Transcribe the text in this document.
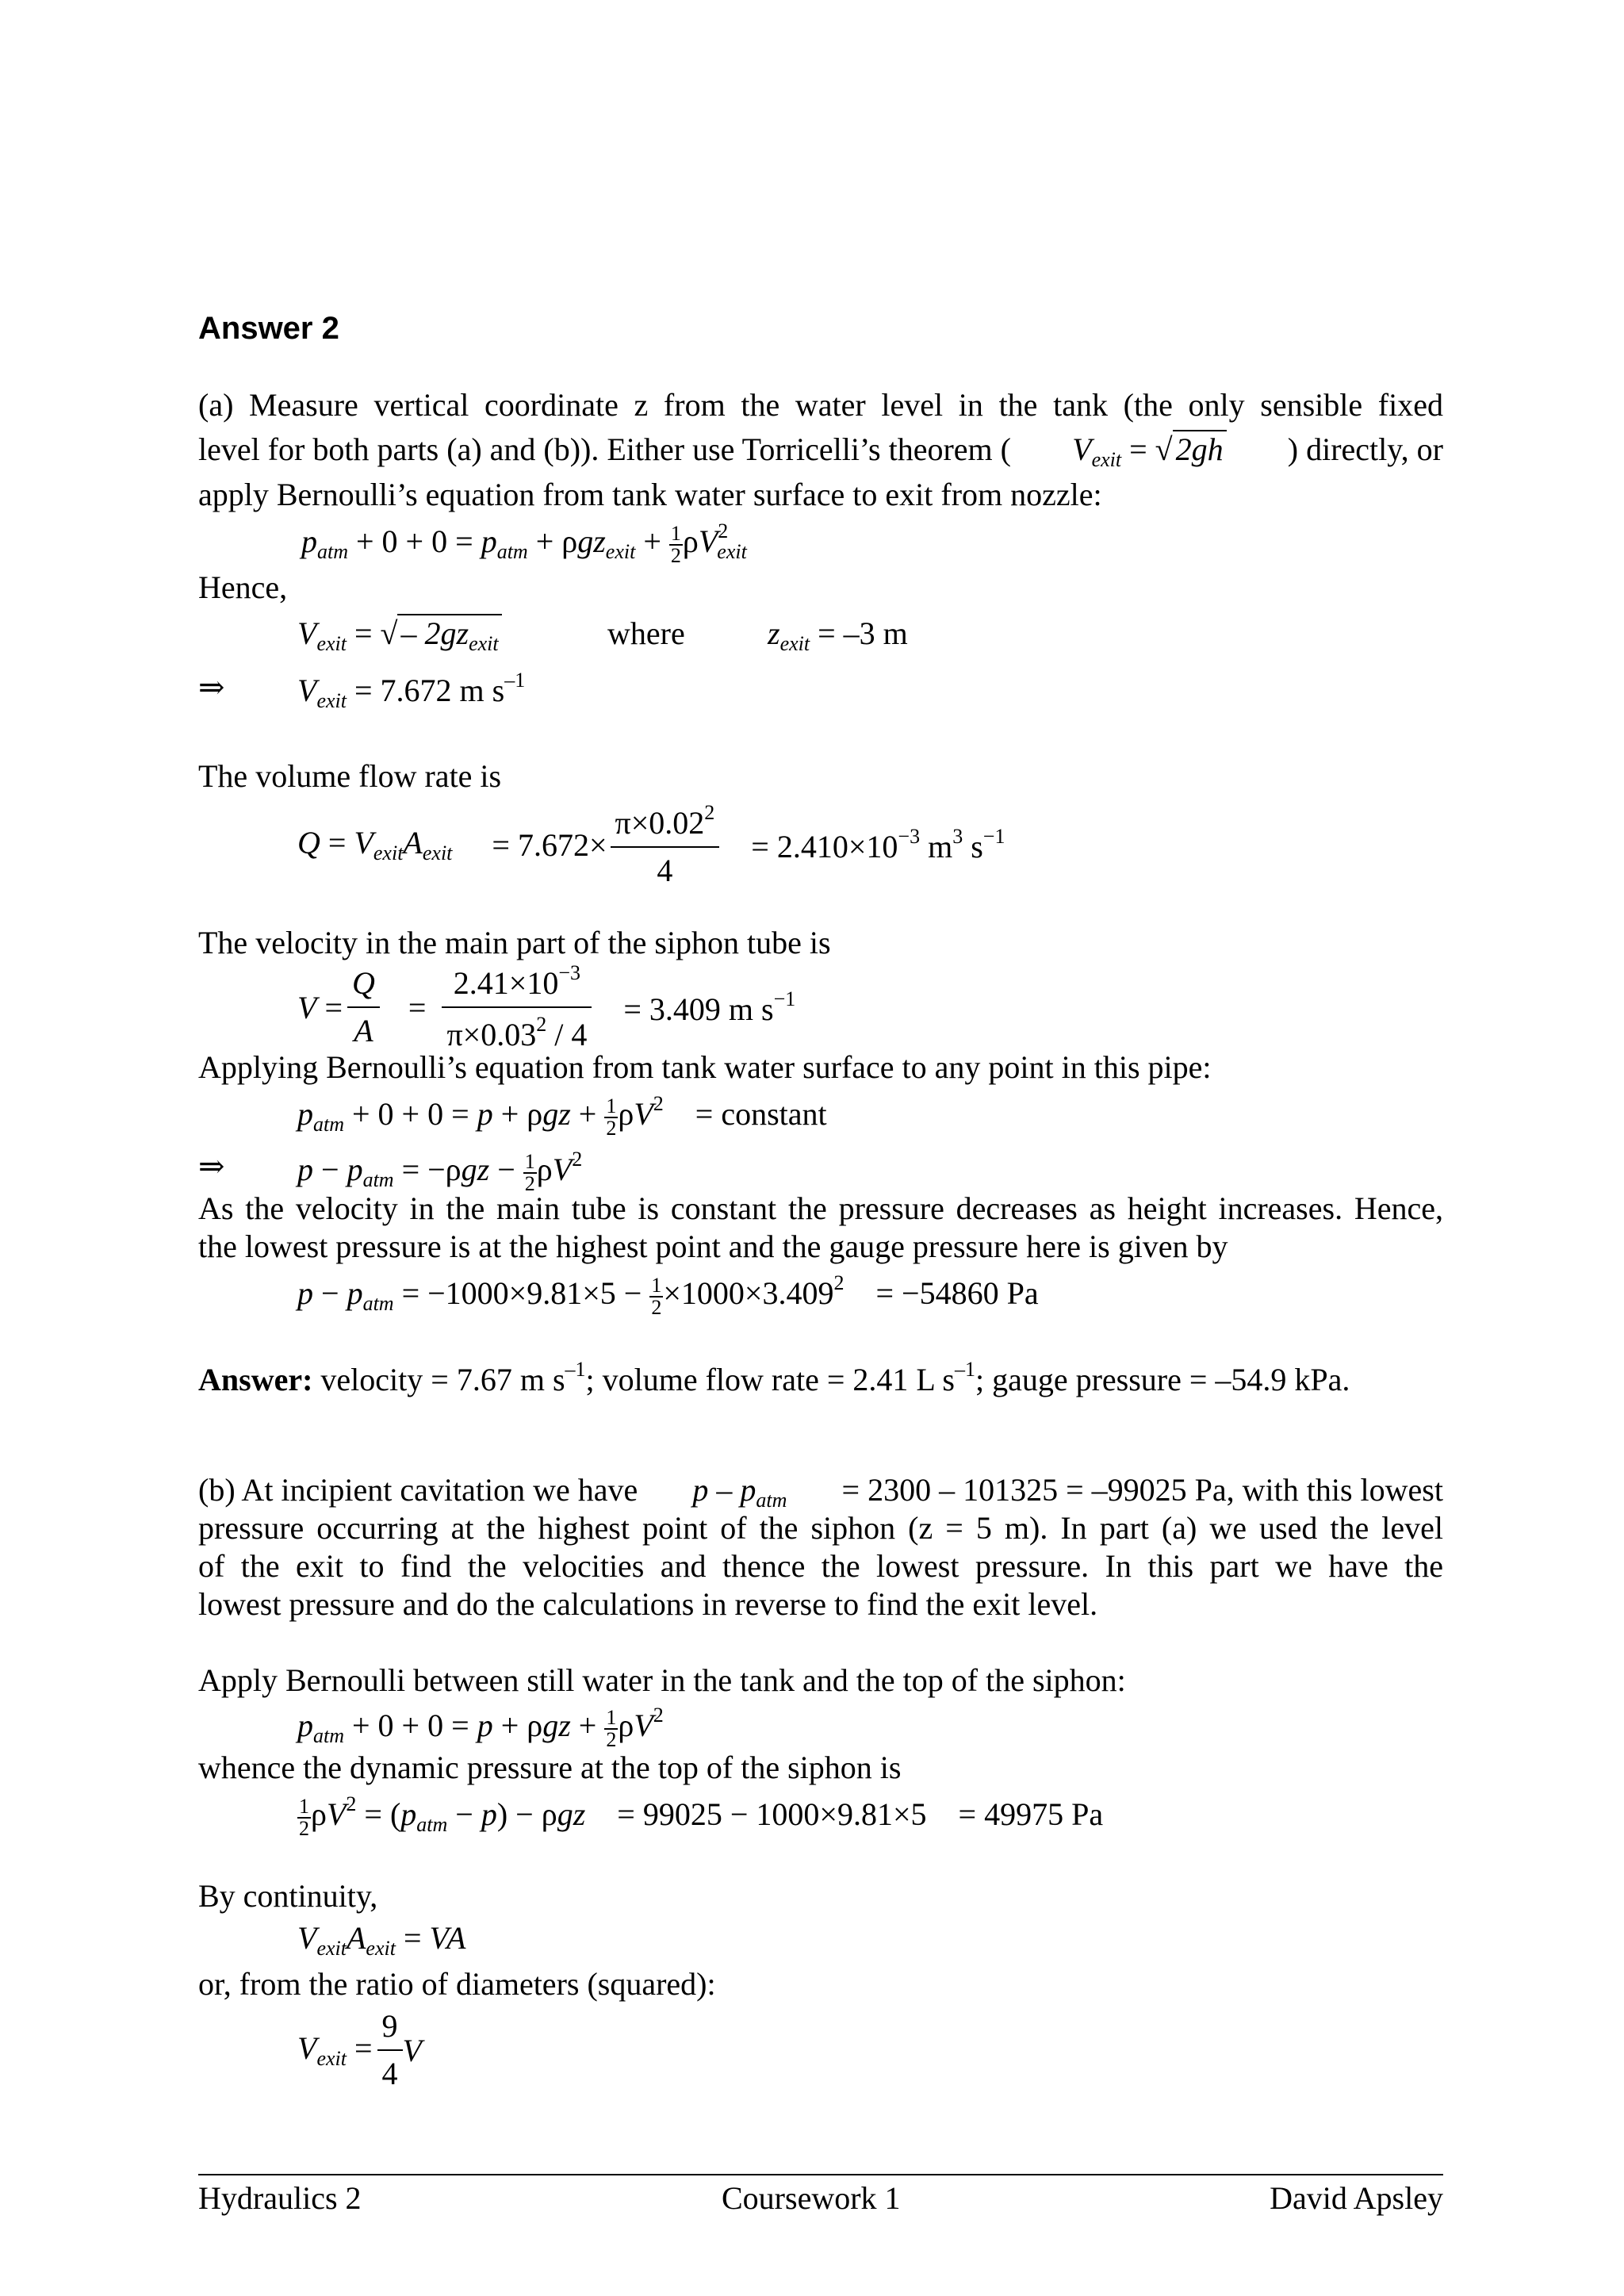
Answer 2
(a) Measure vertical coordinate z from the water level in the tank (the only sensible fixed
level for both parts (a) and (b)). Either use Torricelli’s theorem ( $V_{exit}$ = √ 2gh ) directly, or
apply Bernoulli’s equation from tank water surface to exit from nozzle:
$p_{atm} + 0 + 0 = p_{atm} + \rho gz_{exit} + \frac{1}{2} \rho V^2_{exit}$
Hence,
$V_{exit}$ = √ – $2gz_{exit}$	where	$z_{exit} = -3$ m
⇒ $V_{exit} = 7.672$ m $s^{-1}$
The volume flow rate is
$Q = V_{exit}A_{exit} = 7.672\times \frac{\pi\times 0.02^2}{4} = 2.410\times 10^{-3}$ $m^3$ $s^{-1}$
The velocity in the main part of the siphon tube is
$V = \frac{Q}{A} = \frac{2.41\times 10^{-3}}{\pi\times 0.03^2 / 4} = 3.409$ m $s^{-1}$
Applying Bernoulli’s equation from tank water surface to any point in this pipe:
$p_{atm} + 0 + 0 = p + \rho gz + \frac{1}{2} \rho V^2$ = constant
⇒ $p - p_{atm} = -\rho gz - \frac{1}{2} \rho V^2$
As the velocity in the main tube is constant the pressure decreases as height increases. Hence,
the lowest pressure is at the highest point and the gauge pressure here is given by
$p - p_{atm} = -1000\times 9.81\times 5 - \frac{1}{2} \times 1000\times 3.409^2 = -54860$ Pa
Answer: velocity = 7.67 m $s^{-1}$; volume flow rate = 2.41 L $s^{-1}$; gauge pressure = –54.9 kPa.
(b) At incipient cavitation we have $p - p_{atm} = 2300 - 101325 = -99025$ Pa, with this lowest
pressure occurring at the highest point of the siphon (z = 5 m). In part (a) we used the level
of the exit to find the velocities and thence the lowest pressure. In this part we have the
lowest pressure and do the calculations in reverse to find the exit level.
Apply Bernoulli between still water in the tank and the top of the siphon:
$p_{atm} + 0 + 0 = p + \rho gz + \frac{1}{2} \rho V^2$
whence the dynamic pressure at the top of the siphon is
$\frac{1}{2} \rho V^2 = (p_{atm} - p) - \rho gz = 99025 - 1000\times 9.81\times 5 = 49975$ Pa
By continuity,
$V_{exit}A_{exit}$ = VA
or, from the ratio of diameters (squared):
$V_{exit} = \frac{9}{4}$ V
Hydraulics 2	Coursework 1	David Apsley
